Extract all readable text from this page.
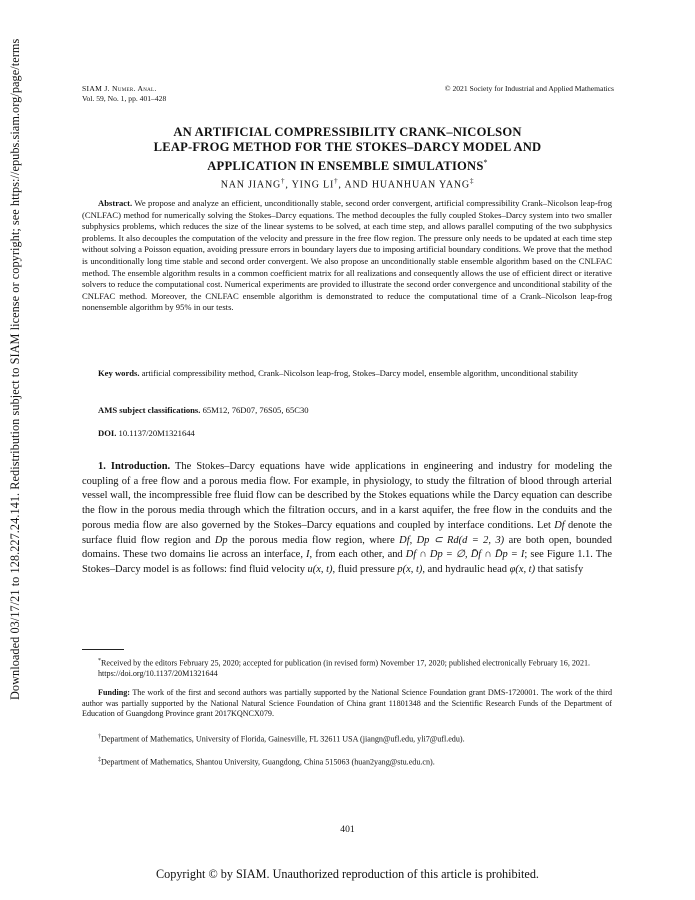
Downloaded 03/17/21 to 128.227.24.141. Redistribution subject to SIAM license or copyright; see https://epubs.siam.org/page/terms	SIAM J. Numer. Anal.
Vol. 59, No. 1, pp. 401–428
© 2021 Society for Industrial and Applied Mathematics
AN ARTIFICIAL COMPRESSIBILITY CRANK–NICOLSON
LEAP-FROG METHOD FOR THE STOKES–DARCY MODEL AND
APPLICATION IN ENSEMBLE SIMULATIONS*
NAN JIANG†, YING LI†, AND HUANHUAN YANG‡
Abstract. We propose and analyze an efficient, unconditionally stable, second order convergent, artificial compressibility Crank–Nicolson leap-frog (CNLFAC) method for numerically solving the Stokes–Darcy equations. The method decouples the fully coupled Stokes–Darcy system into two smaller subphysics problems, which reduces the size of the linear systems to be solved, at each time step, and allows parallel computing of the two subphysics problems. It also decouples the computation of the velocity and pressure in the free flow region. The pressure only needs to be updated at each time step without solving a Poisson equation, avoiding pressure errors in boundary layers due to imposing artificial boundary conditions. We prove that the method is unconditionally long time stable and second order convergent. We also propose an unconditionally stable ensemble algorithm based on the CNLFAC method. The ensemble algorithm results in a common coefficient matrix for all realizations and consequently allows the use of efficient direct or iterative solvers to reduce the computational cost. Numerical experiments are provided to illustrate the second order convergence and unconditional stability of the CNLFAC method. Moreover, the CNLFAC ensemble algorithm is demonstrated to reduce the computational time of a Crank–Nicolson leap-frog nonensemble algorithm by 95% in our tests.
Key words. artificial compressibility method, Crank–Nicolson leap-frog, Stokes–Darcy model, ensemble algorithm, unconditional stability
AMS subject classifications. 65M12, 76D07, 76S05, 65C30
DOI. 10.1137/20M1321644
1. Introduction. The Stokes–Darcy equations have wide applications in engineering and industry for modeling the coupling of a free flow and a porous media flow. For example, in physiology, to study the filtration of blood through arterial vessel wall, the incompressible free fluid flow can be described by the Stokes equations while the Darcy equation can describe the flow in the porous media through which the filtration occurs, and in a karst aquifer, the free flow in the conduits and the porous media flow are also governed by the Stokes–Darcy equations and coupled by interface conditions. Let Df denote the surface fluid flow region and Dp the porous media flow region, where Df, Dp ⊂ Rd(d = 2, 3) are both open, bounded domains. These two domains lie across an interface, I, from each other, and Df ∩ Dp = ∅, D̄f ∩ D̄p = I; see Figure 1.1. The Stokes–Darcy model is as follows: find fluid velocity u(x, t), fluid pressure p(x, t), and hydraulic head φ(x, t) that satisfy
*Received by the editors February 25, 2020; accepted for publication (in revised form) November 17, 2020; published electronically February 16, 2021.
https://doi.org/10.1137/20M1321644
Funding: The work of the first and second authors was partially supported by the National Science Foundation grant DMS-1720001. The work of the third author was partially supported by the National Natural Science Foundation of China grant 11801348 and the Scientific Research Funds of the Department of Education of Guangdong Province grant 2017KQNCX079.
†Department of Mathematics, University of Florida, Gainesville, FL 32611 USA (jiangn@ufl.edu, yli7@ufl.edu).
‡Department of Mathematics, Shantou University, Guangdong, China 515063 (huan2yang@stu.edu.cn).
401
Copyright © by SIAM. Unauthorized reproduction of this article is prohibited.
